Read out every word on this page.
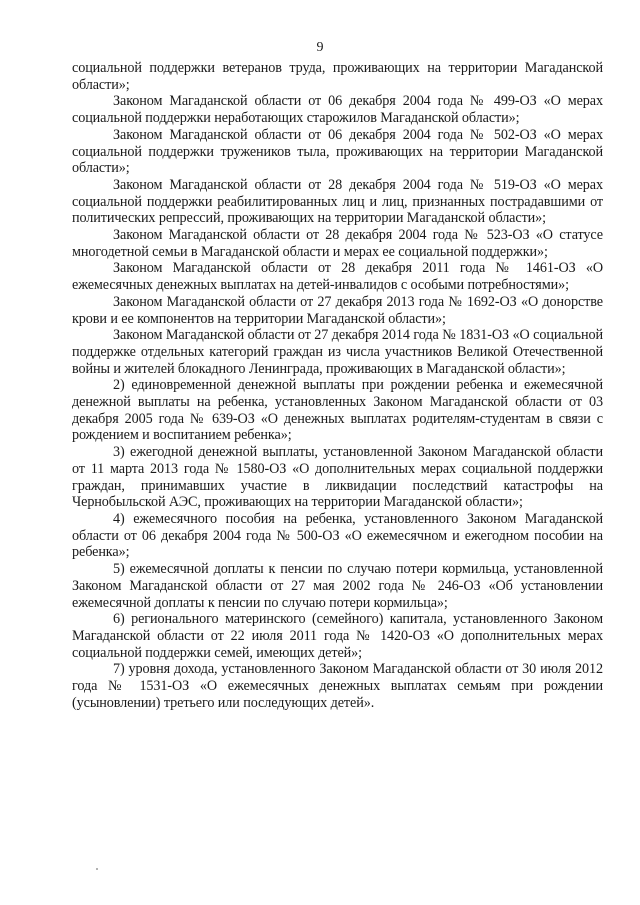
9

социальной поддержки ветеранов труда, проживающих на территории Магаданской области»;

Законом Магаданской области от 06 декабря 2004 года № 499-ОЗ «О мерах социальной поддержки неработающих старожилов Магаданской области»;

Законом Магаданской области от 06 декабря 2004 года № 502-ОЗ «О мерах социальной поддержки тружеников тыла, проживающих на территории Магаданской области»;

Законом Магаданской области от 28 декабря 2004 года № 519-ОЗ «О мерах социальной поддержки реабилитированных лиц и лиц, признанных пострадавшими от политических репрессий, проживающих на территории Магаданской области»;

Законом Магаданской области от 28 декабря 2004 года № 523-ОЗ «О статусе многодетной семьи в Магаданской области и мерах ее социальной поддержки»;

Законом Магаданской области от 28 декабря 2011 года № 1461-ОЗ «О ежемесячных денежных выплатах на детей-инвалидов с особыми потребностями»;

Законом Магаданской области от 27 декабря 2013 года № 1692-ОЗ «О донорстве крови и ее компонентов на территории Магаданской области»;

Законом Магаданской области от 27 декабря 2014 года № 1831-ОЗ «О социальной поддержке отдельных категорий граждан из числа участников Великой Отечественной войны и жителей блокадного Ленинграда, проживающих в Магаданской области»;

2) единовременной денежной выплаты при рождении ребенка и ежемесячной денежной выплаты на ребенка, установленных Законом Магаданской области от 03 декабря 2005 года № 639-ОЗ «О денежных выплатах родителям-студентам в связи с рождением и воспитанием ребенка»;

3) ежегодной денежной выплаты, установленной Законом Магаданской области от 11 марта 2013 года № 1580-ОЗ «О дополнительных мерах социальной поддержки граждан, принимавших участие в ликвидации последствий катастрофы на Чернобыльской АЭС, проживающих на территории Магаданской области»;

4) ежемесячного пособия на ребенка, установленного Законом Магаданской области от 06 декабря 2004 года № 500-ОЗ «О ежемесячном и ежегодном пособии на ребенка»;

5) ежемесячной доплаты к пенсии по случаю потери кормильца, установленной Законом Магаданской области от 27 мая 2002 года № 246-ОЗ «Об установлении ежемесячной доплаты к пенсии по случаю потери кормильца»;

6) регионального материнского (семейного) капитала, установленного Законом Магаданской области от 22 июля 2011 года № 1420-ОЗ «О дополнительных мерах социальной поддержки семей, имеющих детей»;

7) уровня дохода, установленного Законом Магаданской области от 30 июля 2012 года № 1531-ОЗ «О ежемесячных денежных выплатах семьям при рождении (усыновлении) третьего или последующих детей».
